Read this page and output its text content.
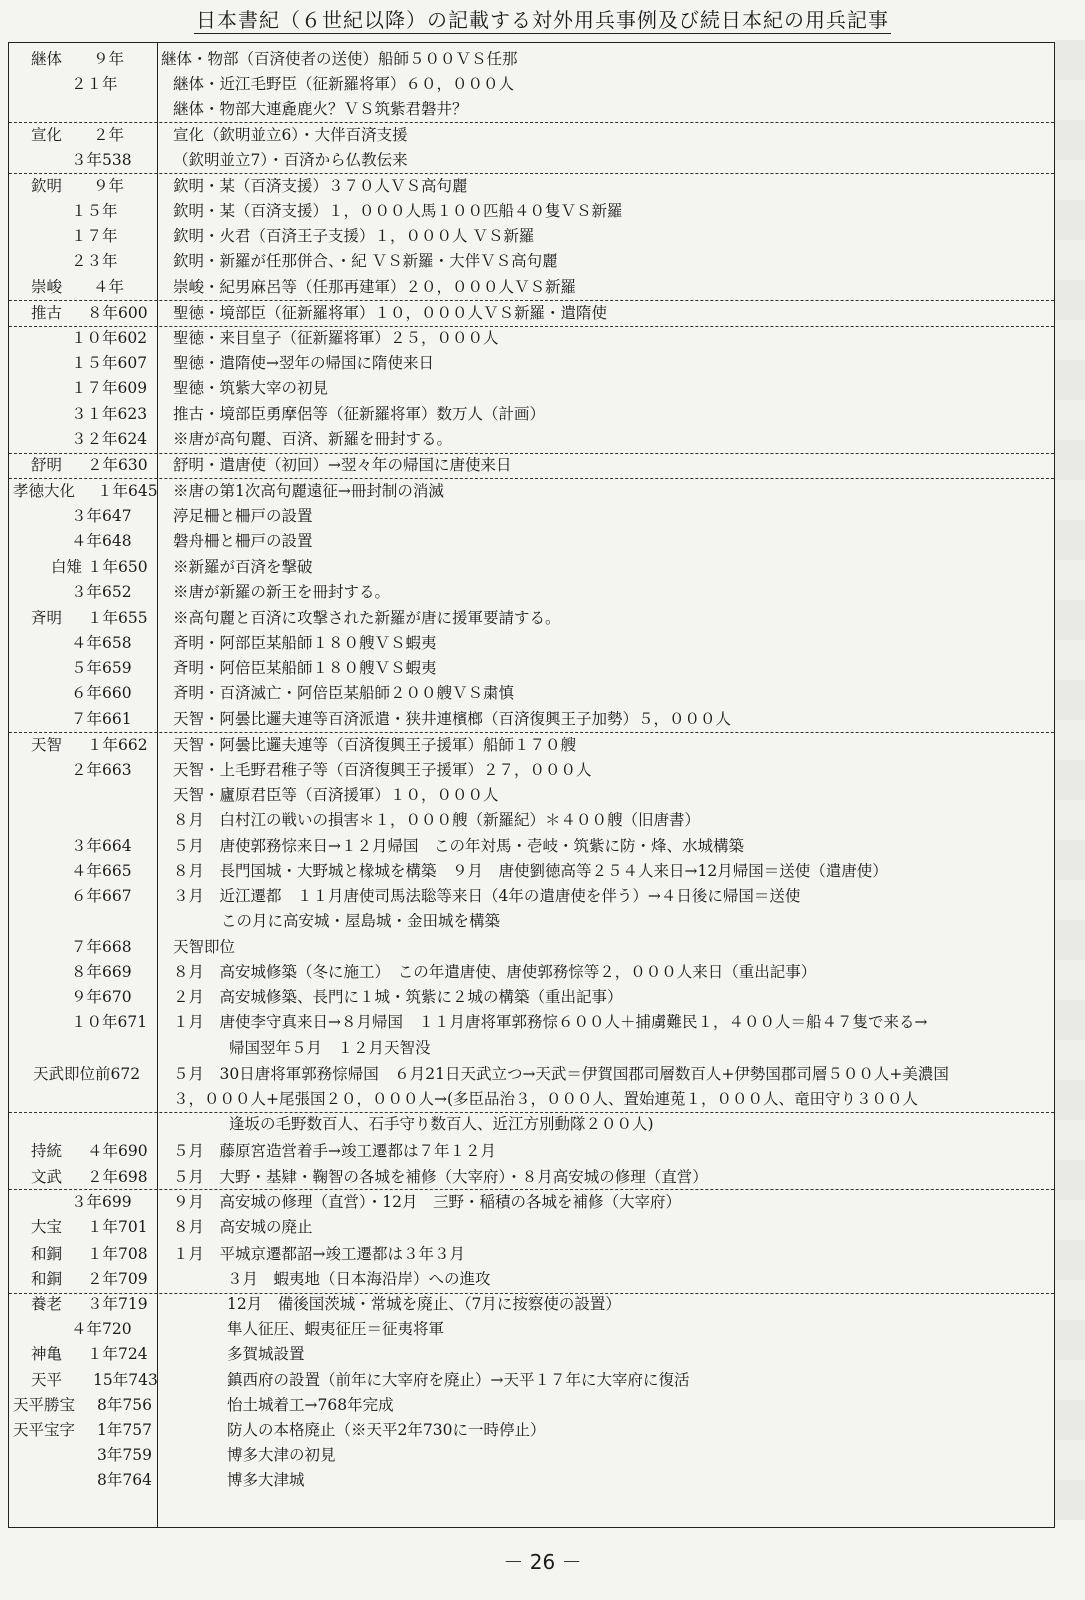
日本書紀（６世紀以降）の記載する対外用兵事例及び続日本紀の用兵記事
継体 ９年 継体・物部（百済使者の送使）船師５００ＶＳ任那
２１年	継体・近江毛野臣（征新羅将軍）６０，０００人
継体・物部大連麁鹿火？ＶＳ筑紫君磐井？
宣化 ２年	宣化（欽明並立6）・大伴百済支援
３年538	（欽明並立7）・百済から仏教伝来
欽明 ９年	欽明・某（百済支援）３７０人ＶＳ高句麗
１５年	欽明・某（百済支援）１，０００人馬１００匹船４０隻ＶＳ新羅
１７年	欽明・火君（百済王子支援）１，０００人 ＶＳ新羅
２３年	欽明・新羅が任那併合、・紀 ＶＳ新羅・大伴ＶＳ高句麗
崇峻 ４年	崇峻・紀男麻呂等（任那再建軍）２０，０００人ＶＳ新羅
推古 ８年600 聖徳・境部臣（征新羅将軍）１０，０００人ＶＳ新羅・遣隋使
１０年602 聖徳・来目皇子（征新羅将軍）２５，０００人
１５年607 聖徳・遣隋使→翌年の帰国に隋使来日
１７年609 聖徳・筑紫大宰の初見
３１年623 推古・境部臣勇摩侶等（征新羅将軍）数万人（計画）
３２年624 ※唐が高句麗、百済、新羅を冊封する。
舒明 ２年630 舒明・遣唐使（初回）→翌々年の帰国に唐使来日
孝徳大化 １年645 ※唐の第1次高句麗遠征→冊封制の消滅
３年647	渟足柵と柵戸の設置
４年648	磐舟柵と柵戸の設置
白雉 １年650 ※新羅が百済を撃破
３年652	※唐が新羅の新王を冊封する。
斉明 １年655 ※高句麗と百済に攻撃された新羅が唐に援軍要請する。
４年658	斉明・阿部臣某船師１８０艘ＶＳ蝦夷
５年659	斉明・阿倍臣某船師１８０艘ＶＳ蝦夷
６年660	斉明・百済滅亡・阿倍臣某船師２００艘ＶＳ粛慎
７年661	天智・阿曇比邏夫連等百済派遣・狭井連檳榔（百済復興王子加勢）５，０００人
天智 １年662 天智・阿曇比邏夫連等（百済復興王子援軍）船師１７０艘
２年663	天智・上毛野君稚子等（百済復興王子援軍）２７，０００人
天智・廬原君臣等（百済援軍）１０，０００人
８月　白村江の戦いの損害＊１，０００艘（新羅紀）＊４００艘（旧唐書）
３年664	５月　唐使郭務悰来日→１２月帰国　この年対馬・壱岐・筑紫に防・烽、水城構築
４年665	８月　長門国城・大野城と椽城を構築　９月　唐使劉徳高等２５４人来日→12月帰国＝送使（遣唐使）
６年667	３月　近江遷都　１１月唐使司馬法聡等来日（4年の遣唐使を伴う）→４日後に帰国＝送使
この月に高安城・屋島城・金田城を構築
７年668	天智即位
８年669	８月　高安城修築（冬に施工）　この年遣唐使、唐使郭務悰等２，０００人来日（重出記事）
９年670	２月　高安城修築、長門に１城・筑紫に２城の構築（重出記事）
１０年671 １月　唐使李守真来日→８月帰国　１１月唐将軍郭務悰６００人＋捕虜難民１，４００人＝船４７隻で来る→
帰国翌年５月　１２月天智没
天武即位前672 ５月　30日唐将軍郭務悰帰国　６月21日天武立つ→天武＝伊賀国郡司層数百人+伊勢国郡司層５００人+美濃国
３，０００人+尾張国２０，０００人→(多臣品治３，０００人、置始連莵１，０００人、竜田守り３００人
逢坂の毛野数百人、石手守り数百人、近江方別動隊２００人)
持統 ４年690 ５月　藤原宮造営着手→竣工遷都は７年１２月
文武 ２年698 ５月　大野・基肄・鞠智の各城を補修（大宰府）・８月高安城の修理（直営）
３年699	９月　高安城の修理（直営）・12月　三野・稲積の各城を補修（大宰府）
大宝 １年701 ８月　高安城の廃止
和銅 １年708 １月　平城京遷都詔→竣工遷都は３年３月
和銅 ２年709	３月　蝦夷地（日本海沿岸）への進攻
養老 ３年719	12月　備後国茨城・常城を廃止、（7月に按察使の設置）
４年720	隼人征圧、蝦夷征圧＝征夷将軍
神亀 １年724	多賀城設置
天平 15年743	鎮西府の設置（前年に大宰府を廃止）→天平１７年に大宰府に復活
天平勝宝 8年756	怡土城着工→768年完成
天平宝字 1年757	防人の本格廃止（※天平2年730に一時停止）
3年759	博多大津の初見
8年764	博多大津城
－ 26 －
